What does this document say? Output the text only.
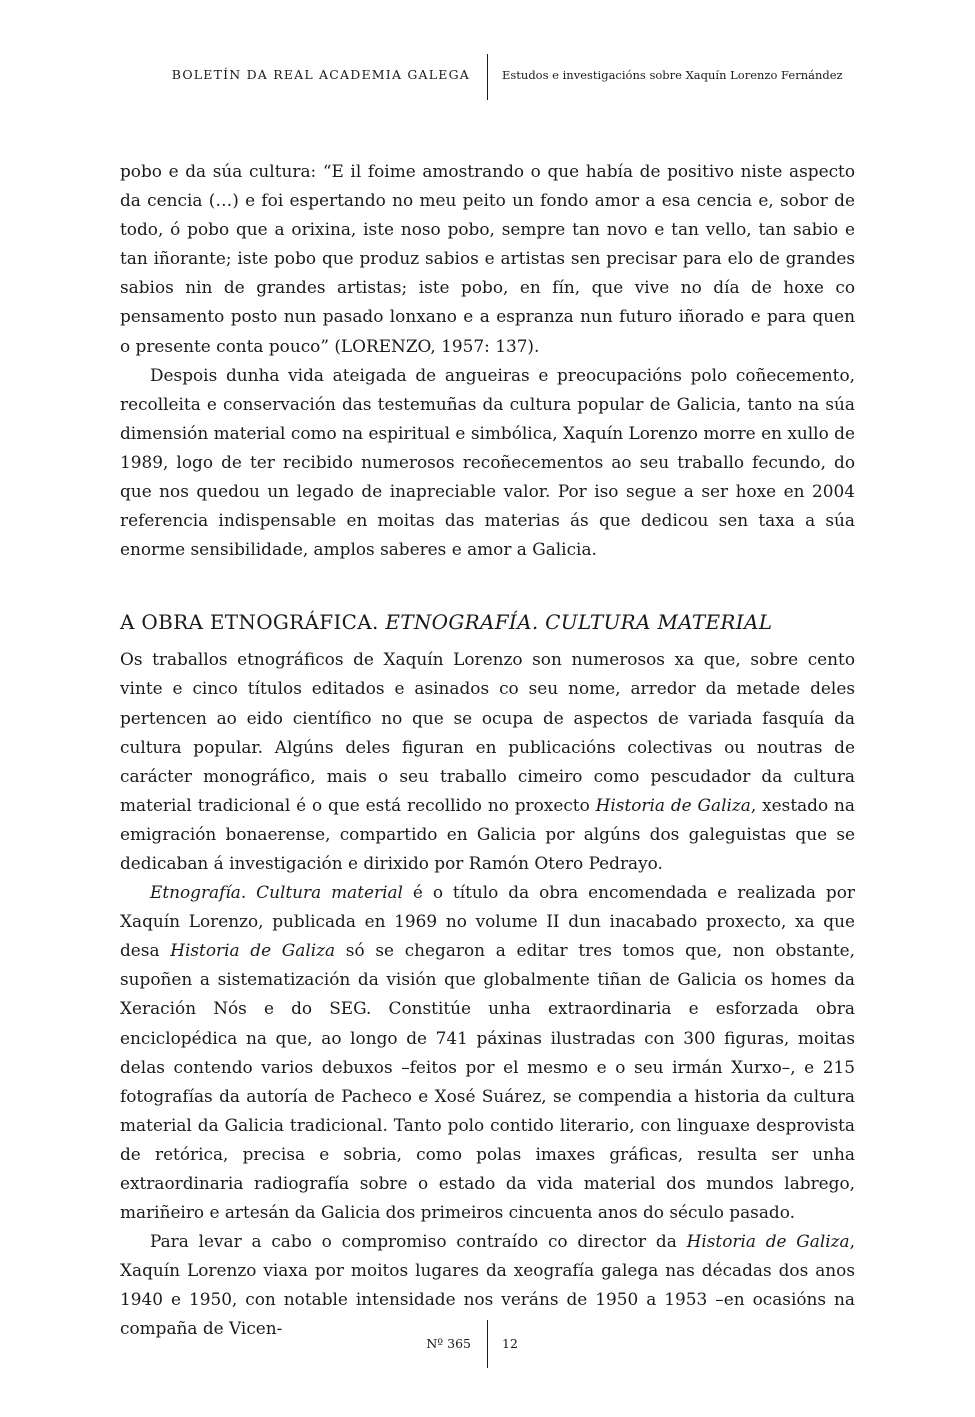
BOLETÍN DA REAL ACADEMIA GALEGA	Estudos e investigacións sobre Xaquín Lorenzo Fernández

pobo e da súa cultura: “E il foime amostrando o que había de positivo niste aspecto da cencia (…) e foi espertando no meu peito un fondo amor a esa cencia e, sobor de todo, ó pobo que a orixina, iste noso pobo, sempre tan novo e tan vello, tan sabio e tan iñorante; iste pobo que produz sabios e artistas sen precisar para elo de grandes sabios nin de grandes artistas; iste pobo, en fín, que vive no día de hoxe co pensamento posto nun pasado lonxano e a espranza nun futuro iñorado e para quen o presente conta pouco” (LORENZO, 1957: 137).

Despois dunha vida ateigada de angueiras e preocupacións polo coñecemento, recolleita e conservación das testemuñas da cultura popular de Galicia, tanto na súa dimensión material como na espiritual e simbólica, Xaquín Lorenzo morre en xullo de 1989, logo de ter recibido numerosos recoñecementos ao seu traballo fecundo, do que nos quedou un legado de inapreciable valor. Por iso segue a ser hoxe en 2004 referencia indispensable en moitas das materias ás que dedicou sen taxa a súa enorme sensibilidade, amplos saberes e amor a Galicia.

A OBRA ETNOGRÁFICA. ETNOGRAFÍA. CULTURA MATERIAL

Os traballos etnográficos de Xaquín Lorenzo son numerosos xa que, sobre cento vinte e cinco títulos editados e asinados co seu nome, arredor da metade deles pertencen ao eido científico no que se ocupa de aspectos de variada fasquía da cultura popular. Algúns deles figuran en publicacións colectivas ou noutras de carácter monográfico, mais o seu traballo cimeiro como pescudador da cultura material tradicional é o que está recollido no proxecto Historia de Galiza, xestado na emigración bonaerense, compartido en Galicia por algúns dos galeguistas que se dedicaban á investigación e dirixido por Ramón Otero Pedrayo.

Etnografía. Cultura material é o título da obra encomendada e realizada por Xaquín Lorenzo, publicada en 1969 no volume II dun inacabado proxecto, xa que desa Historia de Galiza só se chegaron a editar tres tomos que, non obstante, supoñen a sistematización da visión que globalmente tiñan de Galicia os homes da Xeración Nós e do SEG. Constitúe unha extraordinaria e esforzada obra enciclopédica na que, ao longo de 741 páxinas ilustradas con 300 figuras, moitas delas contendo varios debuxos –feitos por el mesmo e o seu irmán Xurxo–, e 215 fotografías da autoría de Pacheco e Xosé Suárez, se compendia a historia da cultura material da Galicia tradicional. Tanto polo contido literario, con linguaxe desprovista de retórica, precisa e sobria, como polas imaxes gráficas, resulta ser unha extraordinaria radiografía sobre o estado da vida material dos mundos labrego, mariñeiro e artesán da Galicia dos primeiros cincuenta anos do século pasado.

Para levar a cabo o compromiso contraído co director da Historia de Galiza, Xaquín Lorenzo viaxa por moitos lugares da xeografía galega nas décadas dos anos 1940 e 1950, con notable intensidade nos veráns de 1950 a 1953 –en ocasións na compaña de Vicen-

Nº 365 12
